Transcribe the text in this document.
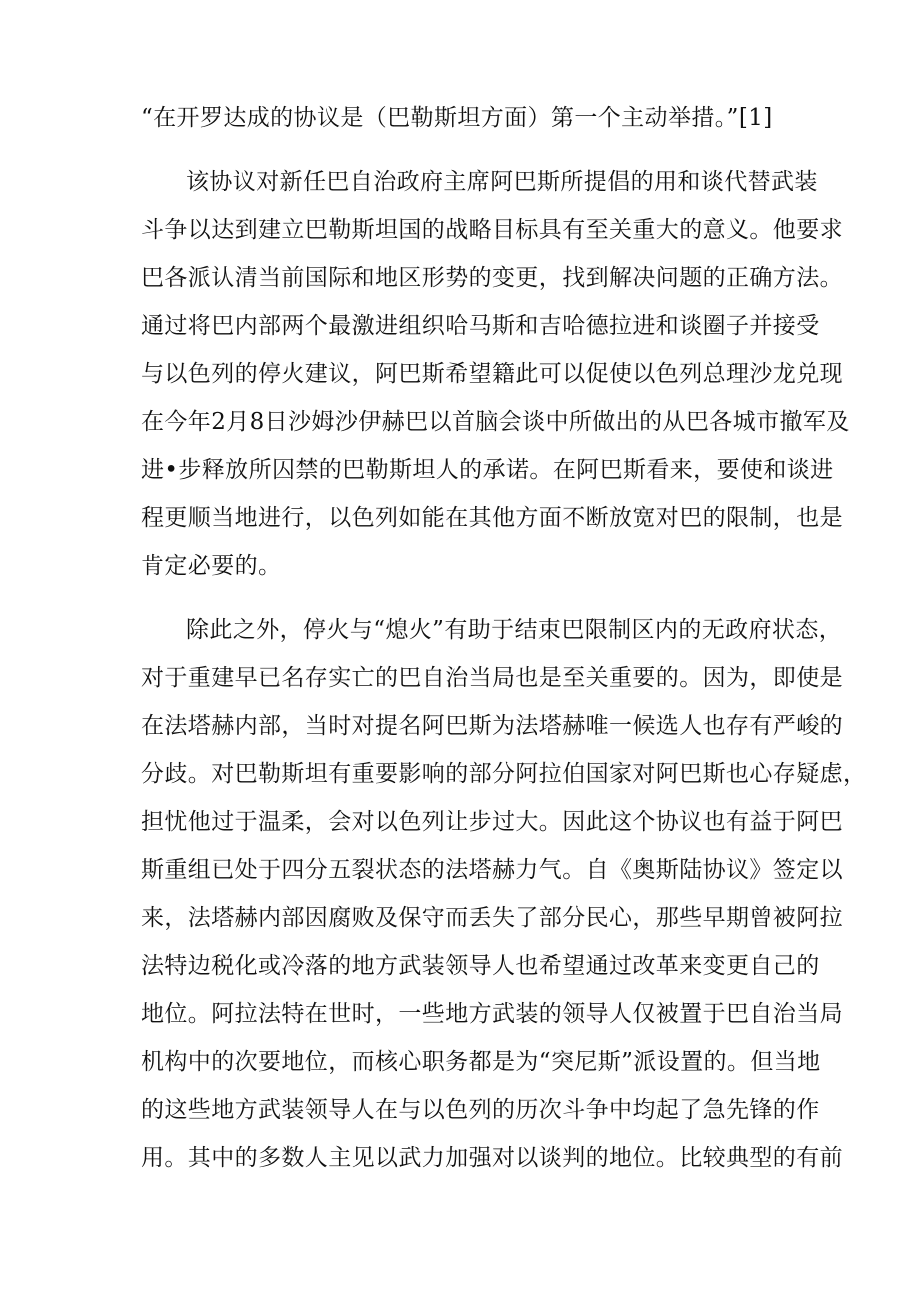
“在开罗达成的协议是（巴勒斯坦方面）第一个主动举措。”[1]
该协议对新任巴自治政府主席阿巴斯所提倡的用和谈代替武装
斗争以达到建立巴勒斯坦国的战略目标具有至关重大的意义。他要求
巴各派认清当前国际和地区形势的变更，找到解决问题的正确方法。
通过将巴内部两个最激进组织哈马斯和吉哈德拉进和谈圈子并接受
与以色列的停火建议，阿巴斯希望籍此可以促使以色列总理沙龙兑现
在今年2月8日沙姆沙伊赫巴以首脑会谈中所做出的从巴各城市撤军及
进•步释放所囚禁的巴勒斯坦人的承诺。在阿巴斯看来，要使和谈进
程更顺当地进行，以色列如能在其他方面不断放宽对巴的限制，也是
肯定必要的。
除此之外，停火与“熄火”有助于结束巴限制区内的无政府状态，
对于重建早已名存实亡的巴自治当局也是至关重要的。因为，即使是
在法塔赫内部，当时对提名阿巴斯为法塔赫唯一候选人也存有严峻的
分歧。对巴勒斯坦有重要影响的部分阿拉伯国家对阿巴斯也心存疑虑，
担忧他过于温柔，会对以色列让步过大。因此这个协议也有益于阿巴
斯重组已处于四分五裂状态的法塔赫力气。自《奥斯陆协议》签定以
来，法塔赫内部因腐败及保守而丢失了部分民心，那些早期曾被阿拉
法特边税化或冷落的地方武装领导人也希望通过改革来变更自己的
地位。阿拉法特在世时，一些地方武装的领导人仅被置于巴自治当局
机构中的次要地位，而核心职务都是为“突尼斯”派设置的。但当地
的这些地方武装领导人在与以色列的历次斗争中均起了急先锋的作
用。其中的多数人主见以武力加强对以谈判的地位。比较典型的有前
